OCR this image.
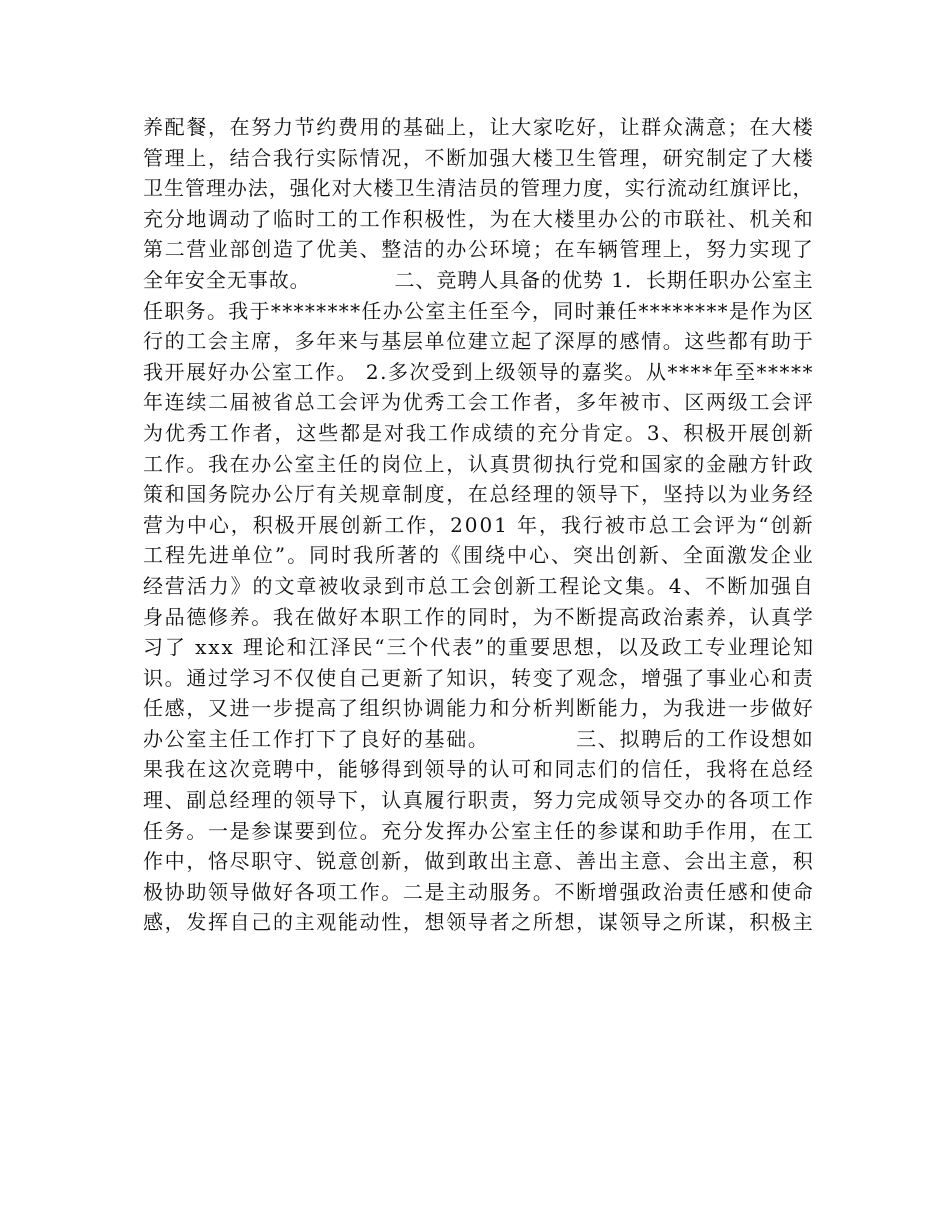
养 配 餐 ， 在 努 力 节 约 费 用 的 基 础 上 ， 让 大 家 吃 好 ， 让 群 众 满 意 ； 在 大 楼
管 理 上 ， 结 合 我 行 实 际 情 况 ， 不 断 加 强 大 楼 卫 生 管 理 ， 研 究 制 定 了 大 楼
卫 生 管 理 办 法 ， 强 化 对 大 楼 卫 生 清 洁 员 的 管 理 力 度 ， 实 行 流 动 红 旗 评 比 ，
充 分 地 调 动 了 临 时 工 的 工 作 积 极 性 ， 为 在 大 楼 里 办 公 的 市 联 社 、 机 关 和
第 二 营 业 部 创 造 了 优 美 、 整 洁 的 办 公 环 境 ； 在 车 辆 管 理 上 ， 努 力 实 现 了
全 年 安 全 无 事 故 。

　	二 、 竞 聘 人 具 备 的 优 势
1 ． 长 期 任 职 办 公 室 主
任 职 务 。 我 于 * * * * * * * * 任 办 公 室 主 任 至 今 ， 同 时 兼 任 * * * * * * * * 是 作 为 区
行 的 工 会 主 席 ， 多 年 来 与 基 层 单 位 建 立 起 了 深 厚 的 感 情 。 这 些 都 有 助 于
我 开 展 好 办 公 室 工 作 。
2 . 多 次 受 到 上 级 领 导 的 嘉 奖 。 从 * * * * 年 至 * * * * *
年 连 续 二 届 被 省 总 工 会 评 为 优 秀 工 会 工 作 者 ， 多 年 被 市 、 区 两 级 工 会 评
为 优 秀 工 作 者 ， 这 些 都 是 对 我 工 作 成 绩 的 充 分 肯 定 。 3 、 积 极 开 展 创 新
工 作 。 我 在 办 公 室 主 任 的 岗 位 上 ， 认 真 贯 彻 执 行 党 和 国 家 的 金 融 方 针 政
策 和 国 务 院 办 公 厅 有 关 规 章 制 度 ， 在 总 经 理 的 领 导 下 ， 坚 持 以 为 业 务 经
营 为 中 心 ， 积 极 开 展 创 新 工 作 ， 2 0 0 1
年 ， 我 行 被 市 总 工 会 评 为 “ 创 新
工 程 先 进 单 位 ” 。 同 时 我 所 著 的 《 围 绕 中 心 、 突 出 创 新 、 全 面 激 发 企 业
经 营 活 力 》 的 文 章 被 收 录 到 市 总 工 会 创 新 工 程 论 文 集 。 4 、 不 断 加 强 自
身 品 德 修 养 。 我 在 做 好 本 职 工 作 的 同 时 ， 为 不 断 提 高 政 治 素 养 ， 认 真 学
习 了
x x x
理 论 和 江 泽 民 “ 三 个 代 表 ” 的 重 要 思 想 ， 以 及 政 工 专 业 理 论 知
识 。 通 过 学 习 不 仅 使 自 己 更 新 了 知 识 ， 转 变 了 观 念 ， 增 强 了 事 业 心 和 责
任 感 ， 又 进 一 步 提 高 了 组 织 协 调 能 力 和 分 析 判 断 能 力 ， 为 我 进 一 步 做 好
办 公 室 主 任 工 作 打 下 了 良 好 的 基 础 。

　	三 、 拟 聘 后 的 工 作 设 想 如
果 我 在 这 次 竞 聘 中 ， 能 够 得 到 领 导 的 认 可 和 同 志 们 的 信 任 ， 我 将 在 总 经
理 、 副 总 经 理 的 领 导 下 ， 认 真 履 行 职 责 ， 努 力 完 成 领 导 交 办 的 各 项 工 作
任 务 。 一 是 参 谋 要 到 位 。 充 分 发 挥 办 公 室 主 任 的 参 谋 和 助 手 作 用 ， 在 工
作 中 ， 恪 尽 职 守 、 锐 意 创 新 ， 做 到 敢 出 主 意 、 善 出 主 意 、 会 出 主 意 ， 积
极 协 助 领 导 做 好 各 项 工 作 。 二 是 主 动 服 务 。 不 断 增 强 政 治 责 任 感 和 使 命
感 ， 发 挥 自 己 的 主 观 能 动 性 ， 想 领 导 者 之 所 想 ， 谋 领 导 之 所 谋 ， 积 极 主
